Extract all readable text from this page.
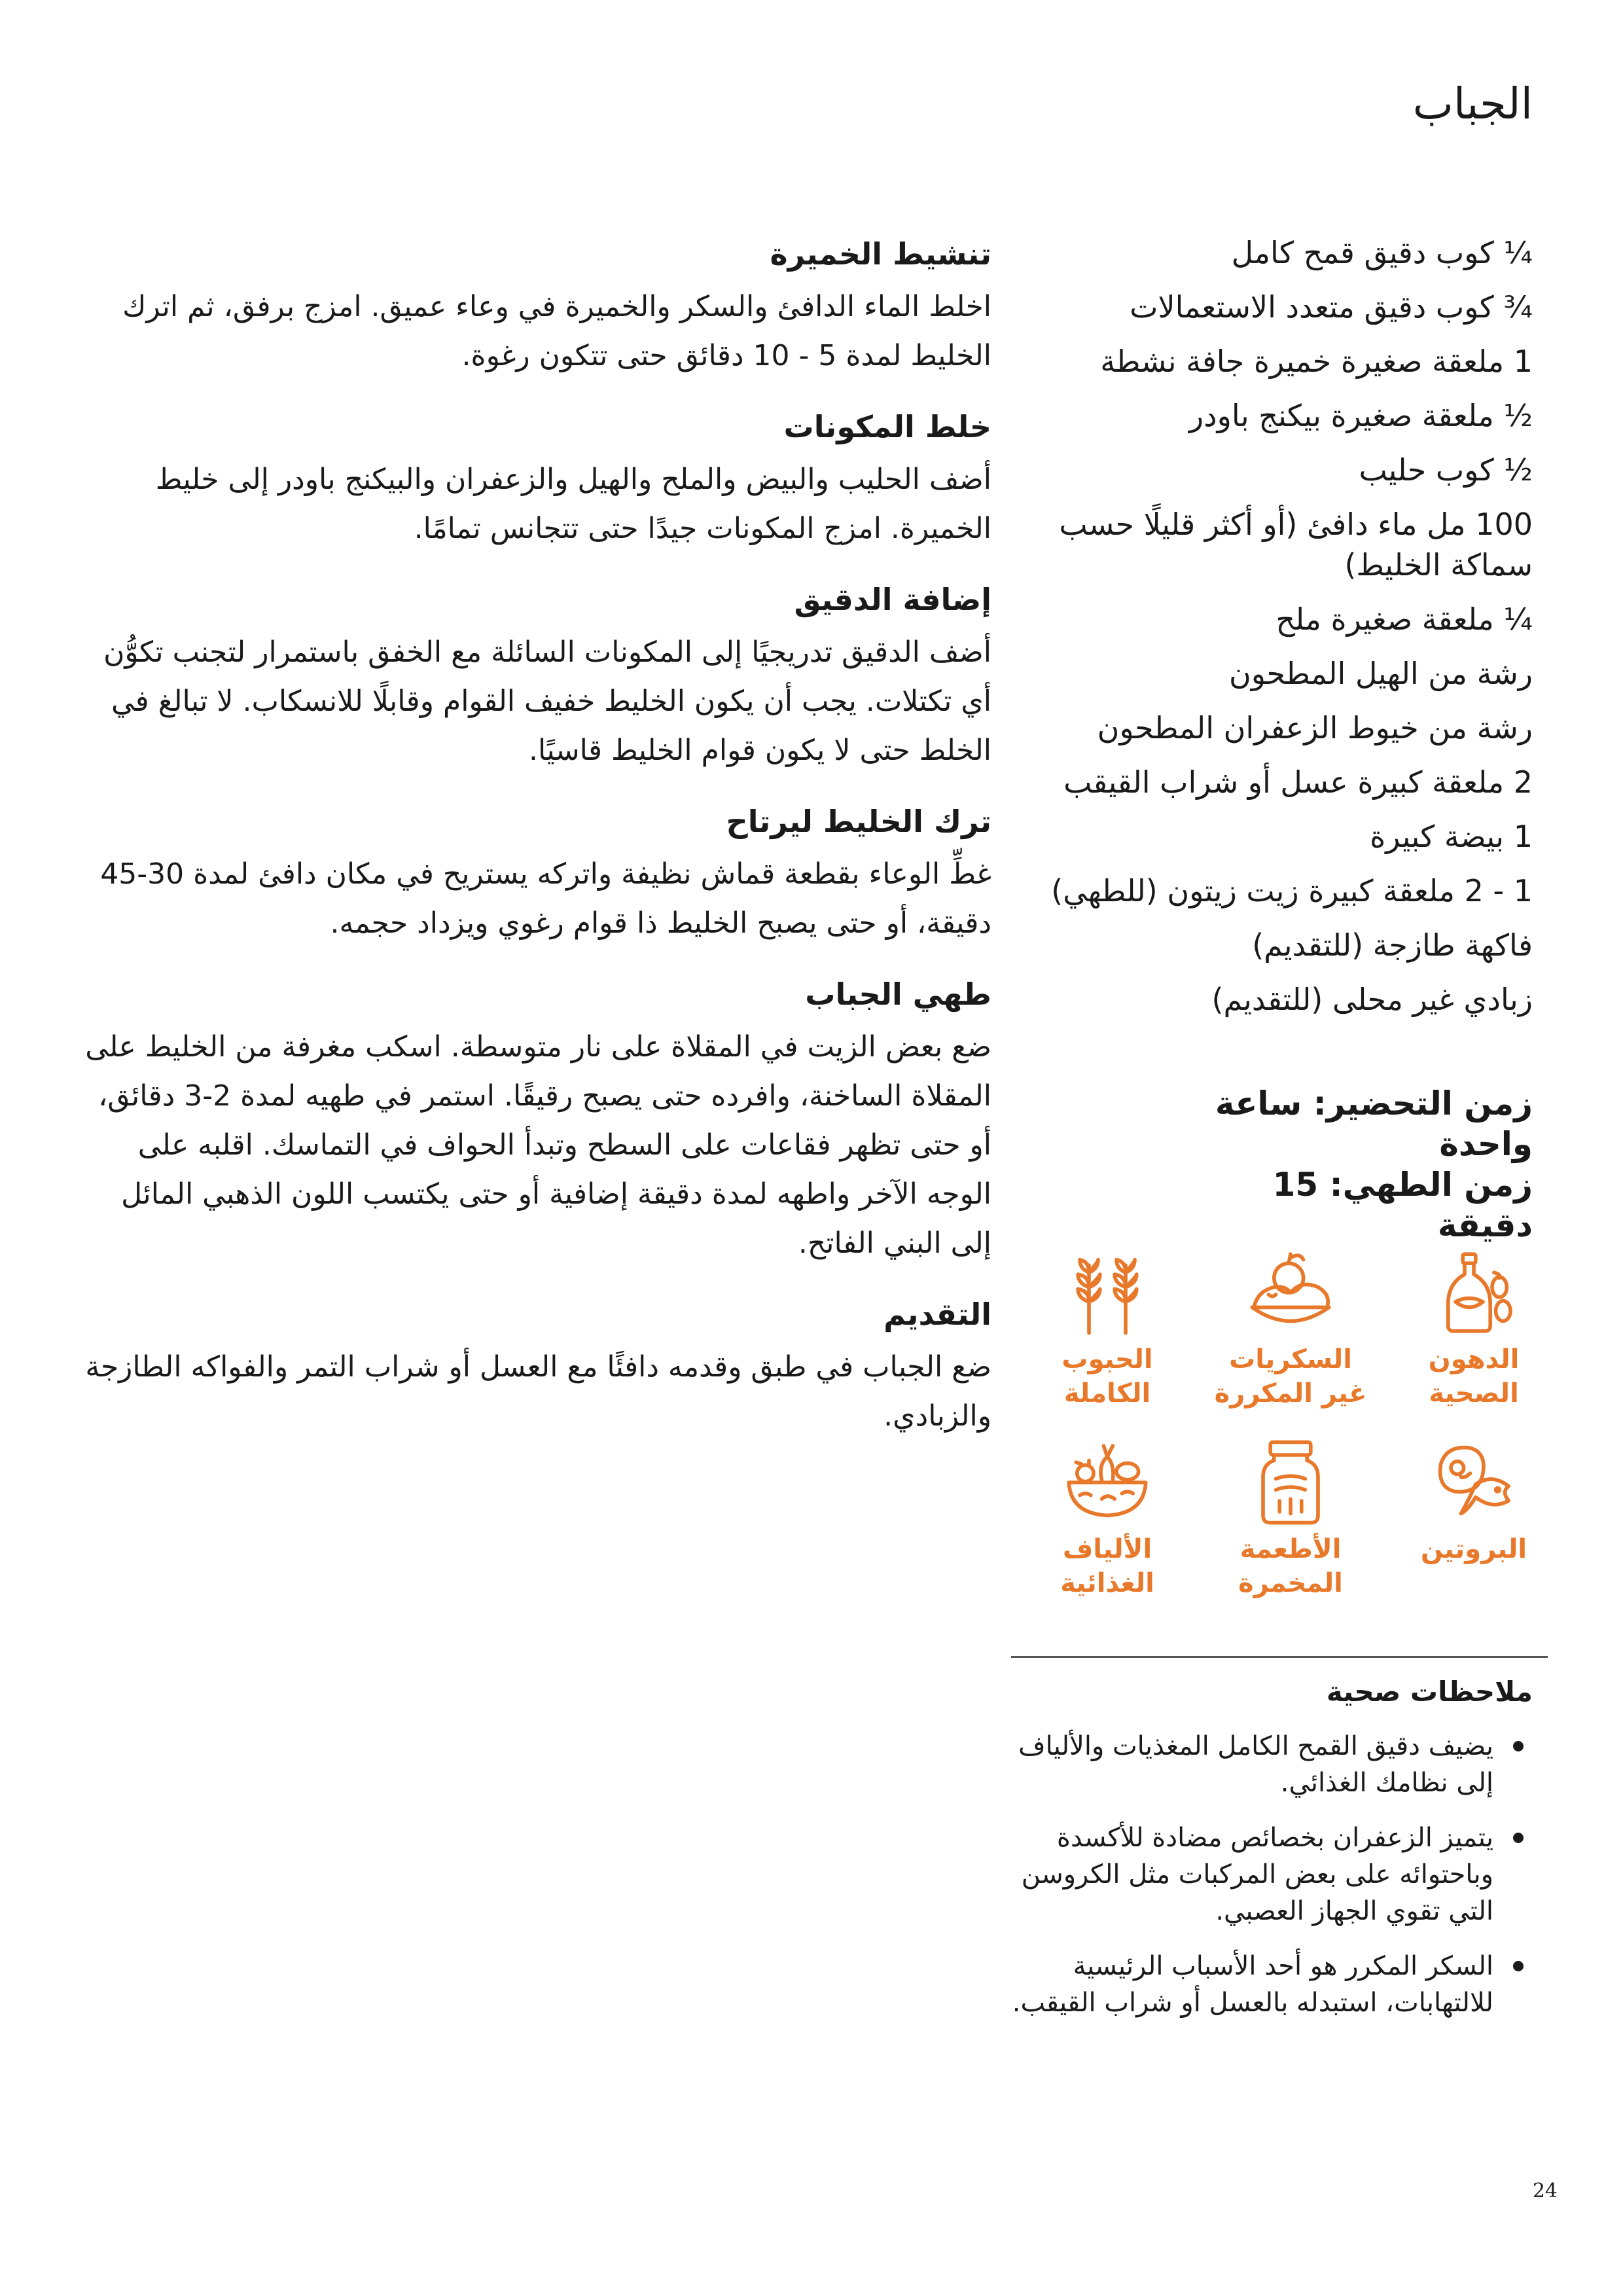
الجباب
¼ كوب دقيق قمح كامل
¾ كوب دقيق متعدد الاستعمالات
1 ملعقة صغيرة خميرة جافة نشطة
½ ملعقة صغيرة بيكنج باودر
½ كوب حليب
100 مل ماء دافئ (أو أكثر قليلًا حسب سماكة الخليط)
¼ ملعقة صغيرة ملح
رشة من الهيل المطحون
رشة من خيوط الزعفران المطحون
2 ملعقة كبيرة عسل أو شراب القيقب
1 بيضة كبيرة
1 - 2 ملعقة كبيرة زيت زيتون (للطهي)
فاكهة طازجة (للتقديم)
زبادي غير محلى (للتقديم)
زمن التحضير: ساعة واحدة
زمن الطهي: 15 دقيقة
الدهون الصحية
السكريات غير المكررة
الحبوب الكاملة
البروتين
الأطعمة المخمرة
الألياف الغذائية
ملاحظات صحية
يضيف دقيق القمح الكامل المغذيات والألياف إلى نظامك الغذائي.
يتميز الزعفران بخصائص مضادة للأكسدة وباحتوائه على بعض المركبات مثل الكروسن التي تقوي الجهاز العصبي.
السكر المكرر هو أحد الأسباب الرئيسية للالتهابات، استبدله بالعسل أو شراب القيقب.
تنشيط الخميرة

اخلط الماء الدافئ والسكر والخميرة في وعاء عميق. امزج برفق، ثم اترك الخليط لمدة 5 - 10 دقائق حتى تتكون رغوة.

خلط المكونات

أضف الحليب والبيض والملح والهيل والزعفران والبيكنج باودر إلى خليط الخميرة. امزج المكونات جيدًا حتى تتجانس تمامًا.

إضافة الدقيق

أضف الدقيق تدريجيًا إلى المكونات السائلة مع الخفق باستمرار لتجنب تكوُّن أي تكتلات. يجب أن يكون الخليط خفيف القوام وقابلًا للانسكاب. لا تبالغ في الخلط حتى لا يكون قوام الخليط قاسيًا.

ترك الخليط ليرتاح

غطِّ الوعاء بقطعة قماش نظيفة واتركه يستريح في مكان دافئ لمدة 30-45 دقيقة، أو حتى يصبح الخليط ذا قوام رغوي ويزداد حجمه.

طهي الجباب

ضع بعض الزيت في المقلاة على نار متوسطة. اسكب مغرفة من الخليط على المقلاة الساخنة، وافرده حتى يصبح رقيقًا. استمر في طهيه لمدة 2-3 دقائق، أو حتى تظهر فقاعات على السطح وتبدأ الحواف في التماسك. اقلبه على الوجه الآخر واطهه لمدة دقيقة إضافية أو حتى يكتسب اللون الذهبي المائل إلى البني الفاتح.

التقديم

ضع الجباب في طبق وقدمه دافئًا مع العسل أو شراب التمر والفواكه الطازجة والزبادي.

24
